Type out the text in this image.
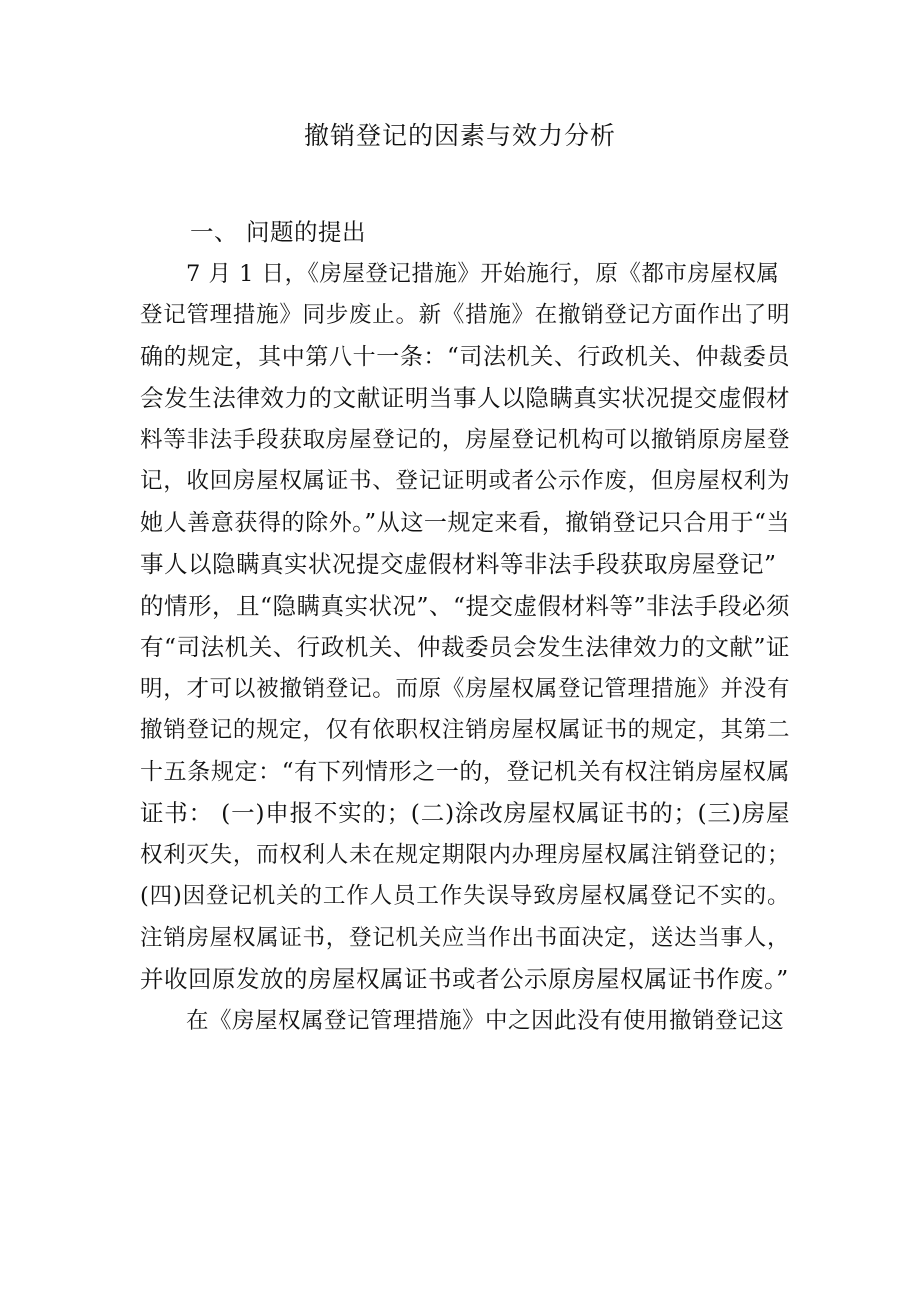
撤销登记的因素与效力分析
一、 问题的提出
7 月 1 日，《房屋登记措施》开始施行，原《都市房屋权属
登记管理措施》同步废止。新《措施》在撤销登记方面作出了明
确的规定，其中第八十一条：“司法机关、行政机关、仲裁委员
会发生法律效力的文献证明当事人以隐瞒真实状况提交虚假材
料等非法手段获取房屋登记的，房屋登记机构可以撤销原房屋登
记，收回房屋权属证书、登记证明或者公示作废，但房屋权利为
她人善意获得的除外。”从这一规定来看，撤销登记只合用于“当
事人以隐瞒真实状况提交虚假材料等非法手段获取房屋登记”
的情形，且“隐瞒真实状况”、“提交虚假材料等”非法手段必须
有“司法机关、行政机关、仲裁委员会发生法律效力的文献”证
明，才可以被撤销登记。而原《房屋权属登记管理措施》并没有
撤销登记的规定，仅有依职权注销房屋权属证书的规定，其第二
十五条规定：“有下列情形之一的，登记机关有权注销房屋权属
证书： (一)申报不实的；(二)涂改房屋权属证书的；(三)房屋
权利灭失，而权利人未在规定期限内办理房屋权属注销登记的；
(四)因登记机关的工作人员工作失误导致房屋权属登记不实的。
注销房屋权属证书，登记机关应当作出书面决定，送达当事人，
并收回原发放的房屋权属证书或者公示原房屋权属证书作废。”
在《房屋权属登记管理措施》中之因此没有使用撤销登记这
